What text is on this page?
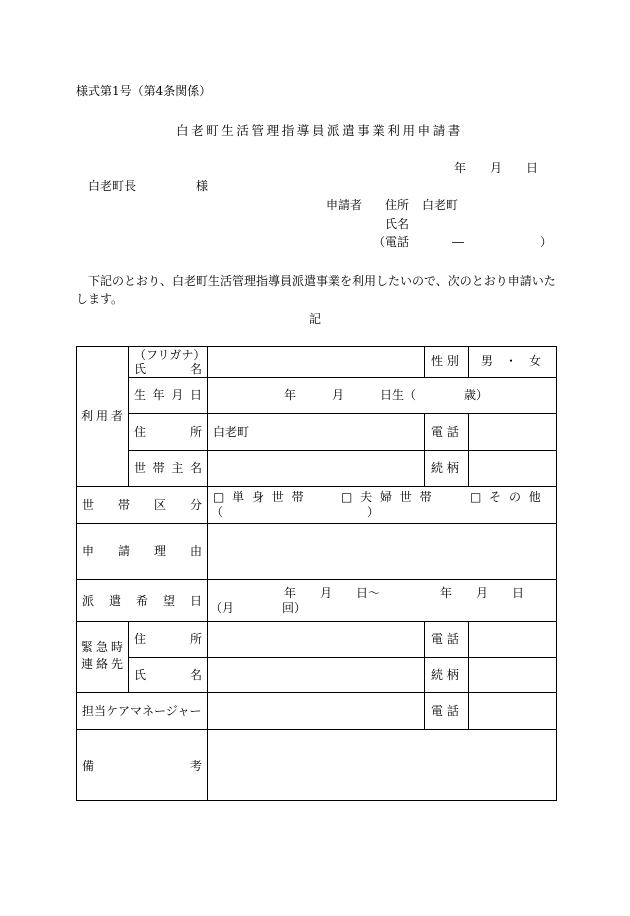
様式第1号（第4条関係）
白老町生活管理指導員派遣事業利用申請書
年　　月　　日
白老町長　　　　　様
申請者 住所 白老町
氏名
（電話	―	）
下記のとおり、白老町生活管理指導員派遣事業を利用したいので、次のとおり申請いた
します。
記
利用者
（フリガナ）
氏　　　名
性 別 男　・　女
生年月日	年　　　月　　　日生（　　　　歳）
住　　　所 白老町	電 話
世帯主名	続 柄
世　帯　区　分
□ 単 身 世 帯	□ 夫 婦 世 帯	□ そ の 他
（　　　　　　　　　　　　）
申　請　理　由
派　遣　希　望　日
年　　月　　日～　　　　　年　　月　　日
（月　　　　回）
緊急時
連絡先
住　　　所	電 話
氏　　　名	続 柄
担当ケアマネージャー	電 話
備　　　考
